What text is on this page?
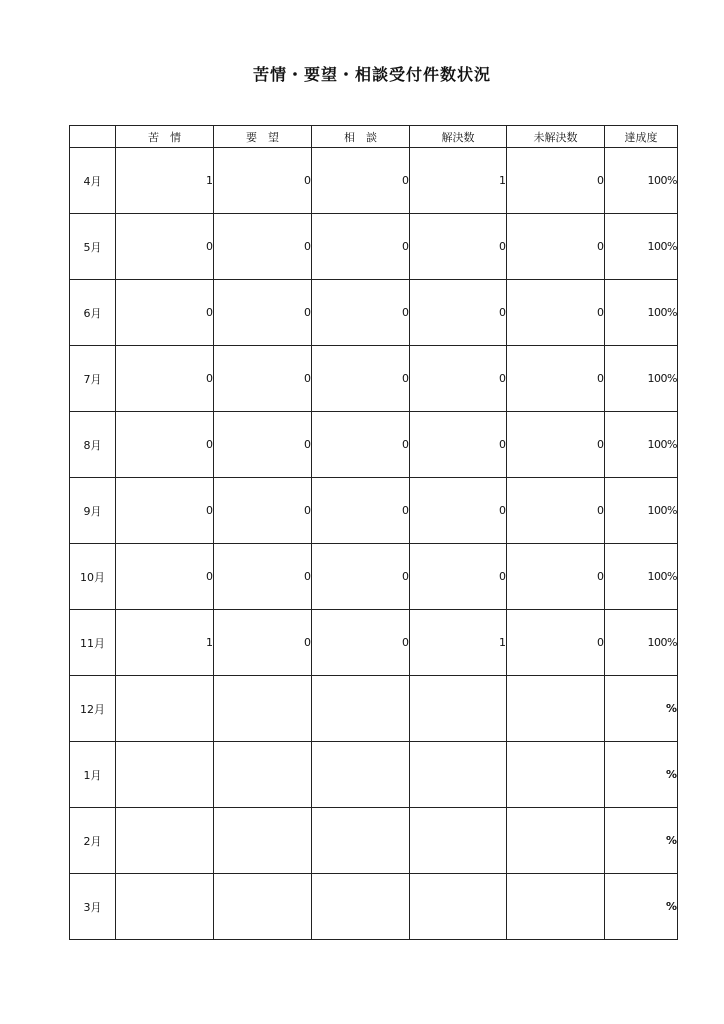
苦情・要望・相談受付件数状況
	苦　情	要　望	相　談	解決数	未解決数	達成度
4月	1	0	0	1	0	100%
5月	0	0	0	0	0	100%
6月	0	0	0	0	0	100%
7月	0	0	0	0	0	100%
8月	0	0	0	0	0	100%
9月	0	0	0	0	0	100%
10月	0	0	0	0	0	100%
11月	1	0	0	1	0	100%
12月						%
1月						%
2月						%
3月						%
